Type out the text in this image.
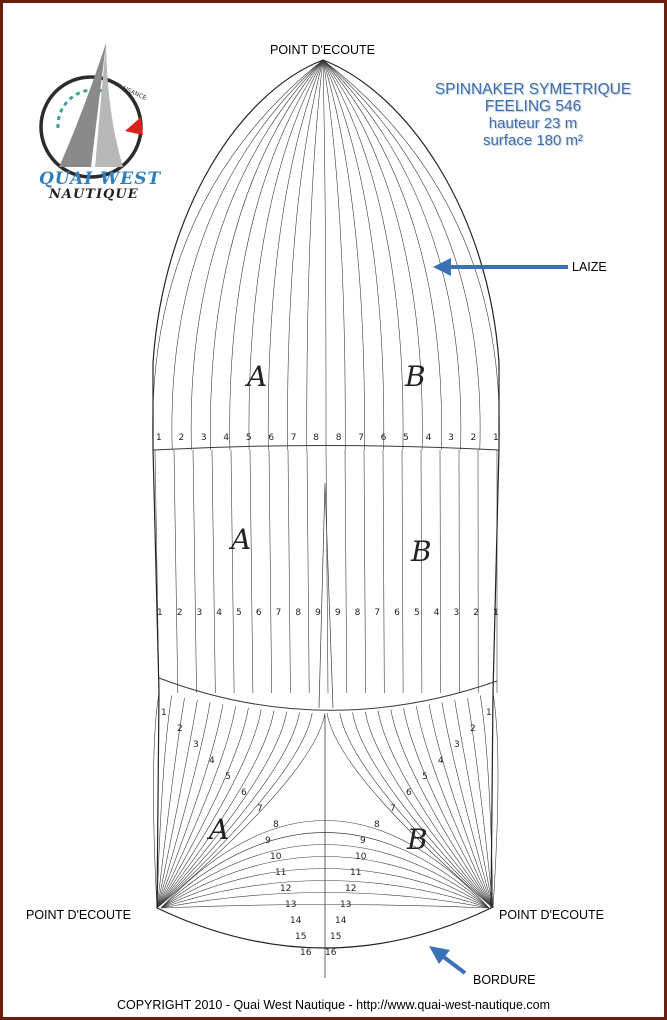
1 2 3 4 5 6 7 8 8 7 6 5 4 3 2 1
1 2 3 4 5 6 7 8 9 9 8 7 6 5 4 3 2 1
1
2
3
4
5
6
7
8
9
10
11
12
13
14
15
16
1
2
3
4
5
6
7
8
9
10
11
12
13
14
15
16
A	B
A	B
A	B
QUAI WEST
NAUTIQUE
PLAISANCE
POINT D'ECOUTE
POINT D'ECOUTE	POINT D'ECOUTE
LAIZE
BORDURE
SPINNAKER SYMETRIQUE
FEELING 546
hauteur 23 m
surface 180 m²
COPYRIGHT 2010 - Quai West Nautique - http://www.quai-west-nautique.com
